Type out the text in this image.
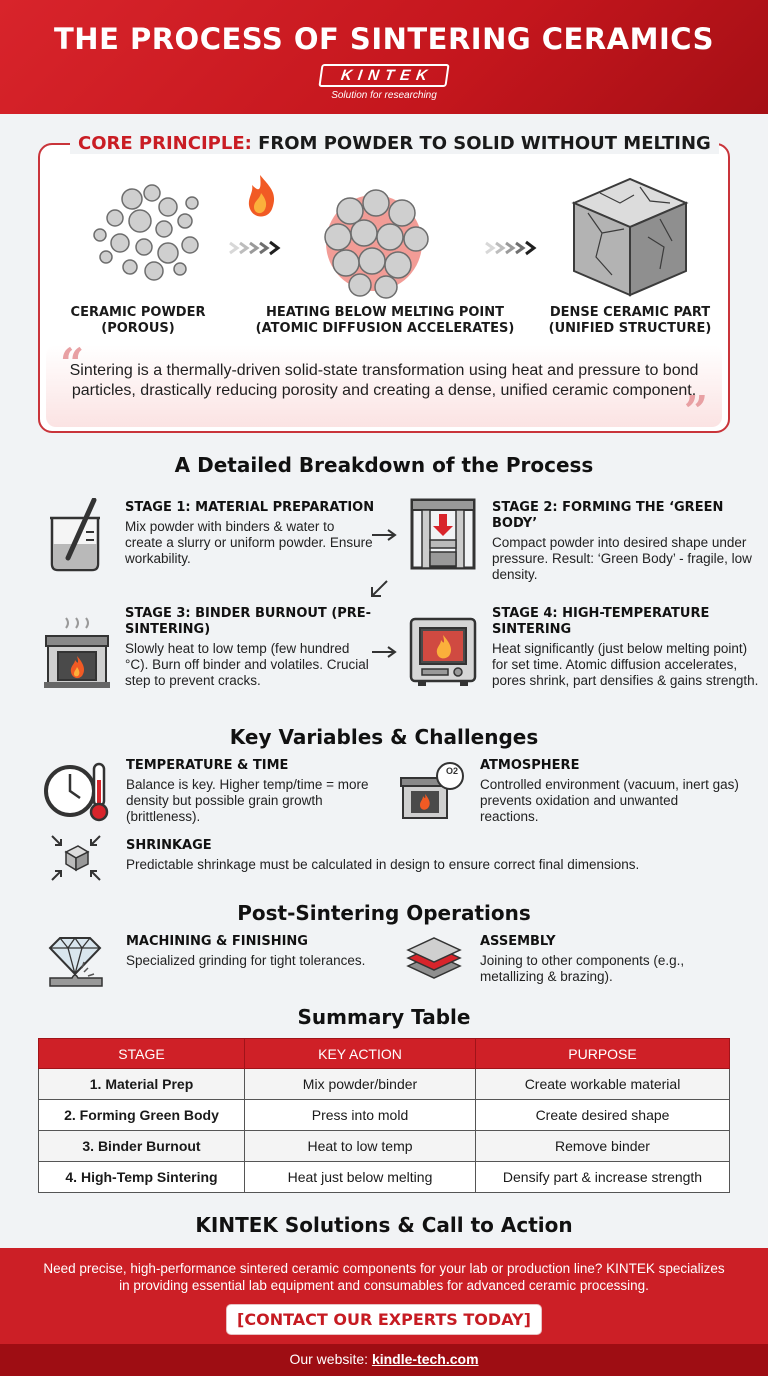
THE PROCESS OF SINTERING CERAMICS
KINTEK
Solution for researching
CORE PRINCIPLE: FROM POWDER TO SOLID WITHOUT MELTING
CERAMIC POWDER
(POROUS)
HEATING BELOW MELTING POINT
(ATOMIC DIFFUSION ACCELERATES)
DENSE CERAMIC PART
(UNIFIED STRUCTURE)
“
Sintering is a thermally-driven solid-state transformation using heat and pressure to bond particles, drastically reducing porosity and creating a dense, unified ceramic component.
”
A Detailed Breakdown of the Process
STAGE 1: MATERIAL PREPARATION
Mix powder with binders & water to create a slurry or uniform powder. Ensure workability.
STAGE 2: FORMING THE ‘GREEN BODY’
Compact powder into desired shape under pressure. Result: ‘Green Body’ - fragile, low density.
STAGE 3: BINDER BURNOUT (PRE-SINTERING)
Slowly heat to low temp (few hundred °C). Burn off binder and volatiles. Crucial step to prevent cracks.
STAGE 4: HIGH-TEMPERATURE SINTERING
Heat significantly (just below melting point) for set time. Atomic diffusion accelerates, pores shrink, part densifies & gains strength.
Key Variables & Challenges
TEMPERATURE & TIME
Balance is key. Higher temp/time = more density but possible grain growth (brittleness).
O2	ATMOSPHERE
Controlled environment (vacuum, inert gas) prevents oxidation and unwanted reactions.
SHRINKAGE
Predictable shrinkage must be calculated in design to ensure correct final dimensions.
Post-Sintering Operations
MACHINING & FINISHING
Specialized grinding for tight tolerances.
ASSEMBLY
Joining to other components (e.g., metallizing & brazing).
Summary Table
STAGE	KEY ACTION	PURPOSE
1. Material Prep	Mix powder/binder	Create workable material
2. Forming Green Body	Press into mold	Create desired shape
3. Binder Burnout	Heat to low temp	Remove binder
4. High-Temp Sintering	Heat just below melting	Densify part & increase strength
KINTEK Solutions & Call to Action
Need precise, high-performance sintered ceramic components for your lab or production line? KINTEK specializes in providing essential lab equipment and consumables for advanced ceramic processing.
[CONTACT OUR EXPERTS TODAY]
Our website: kindle-tech.com
